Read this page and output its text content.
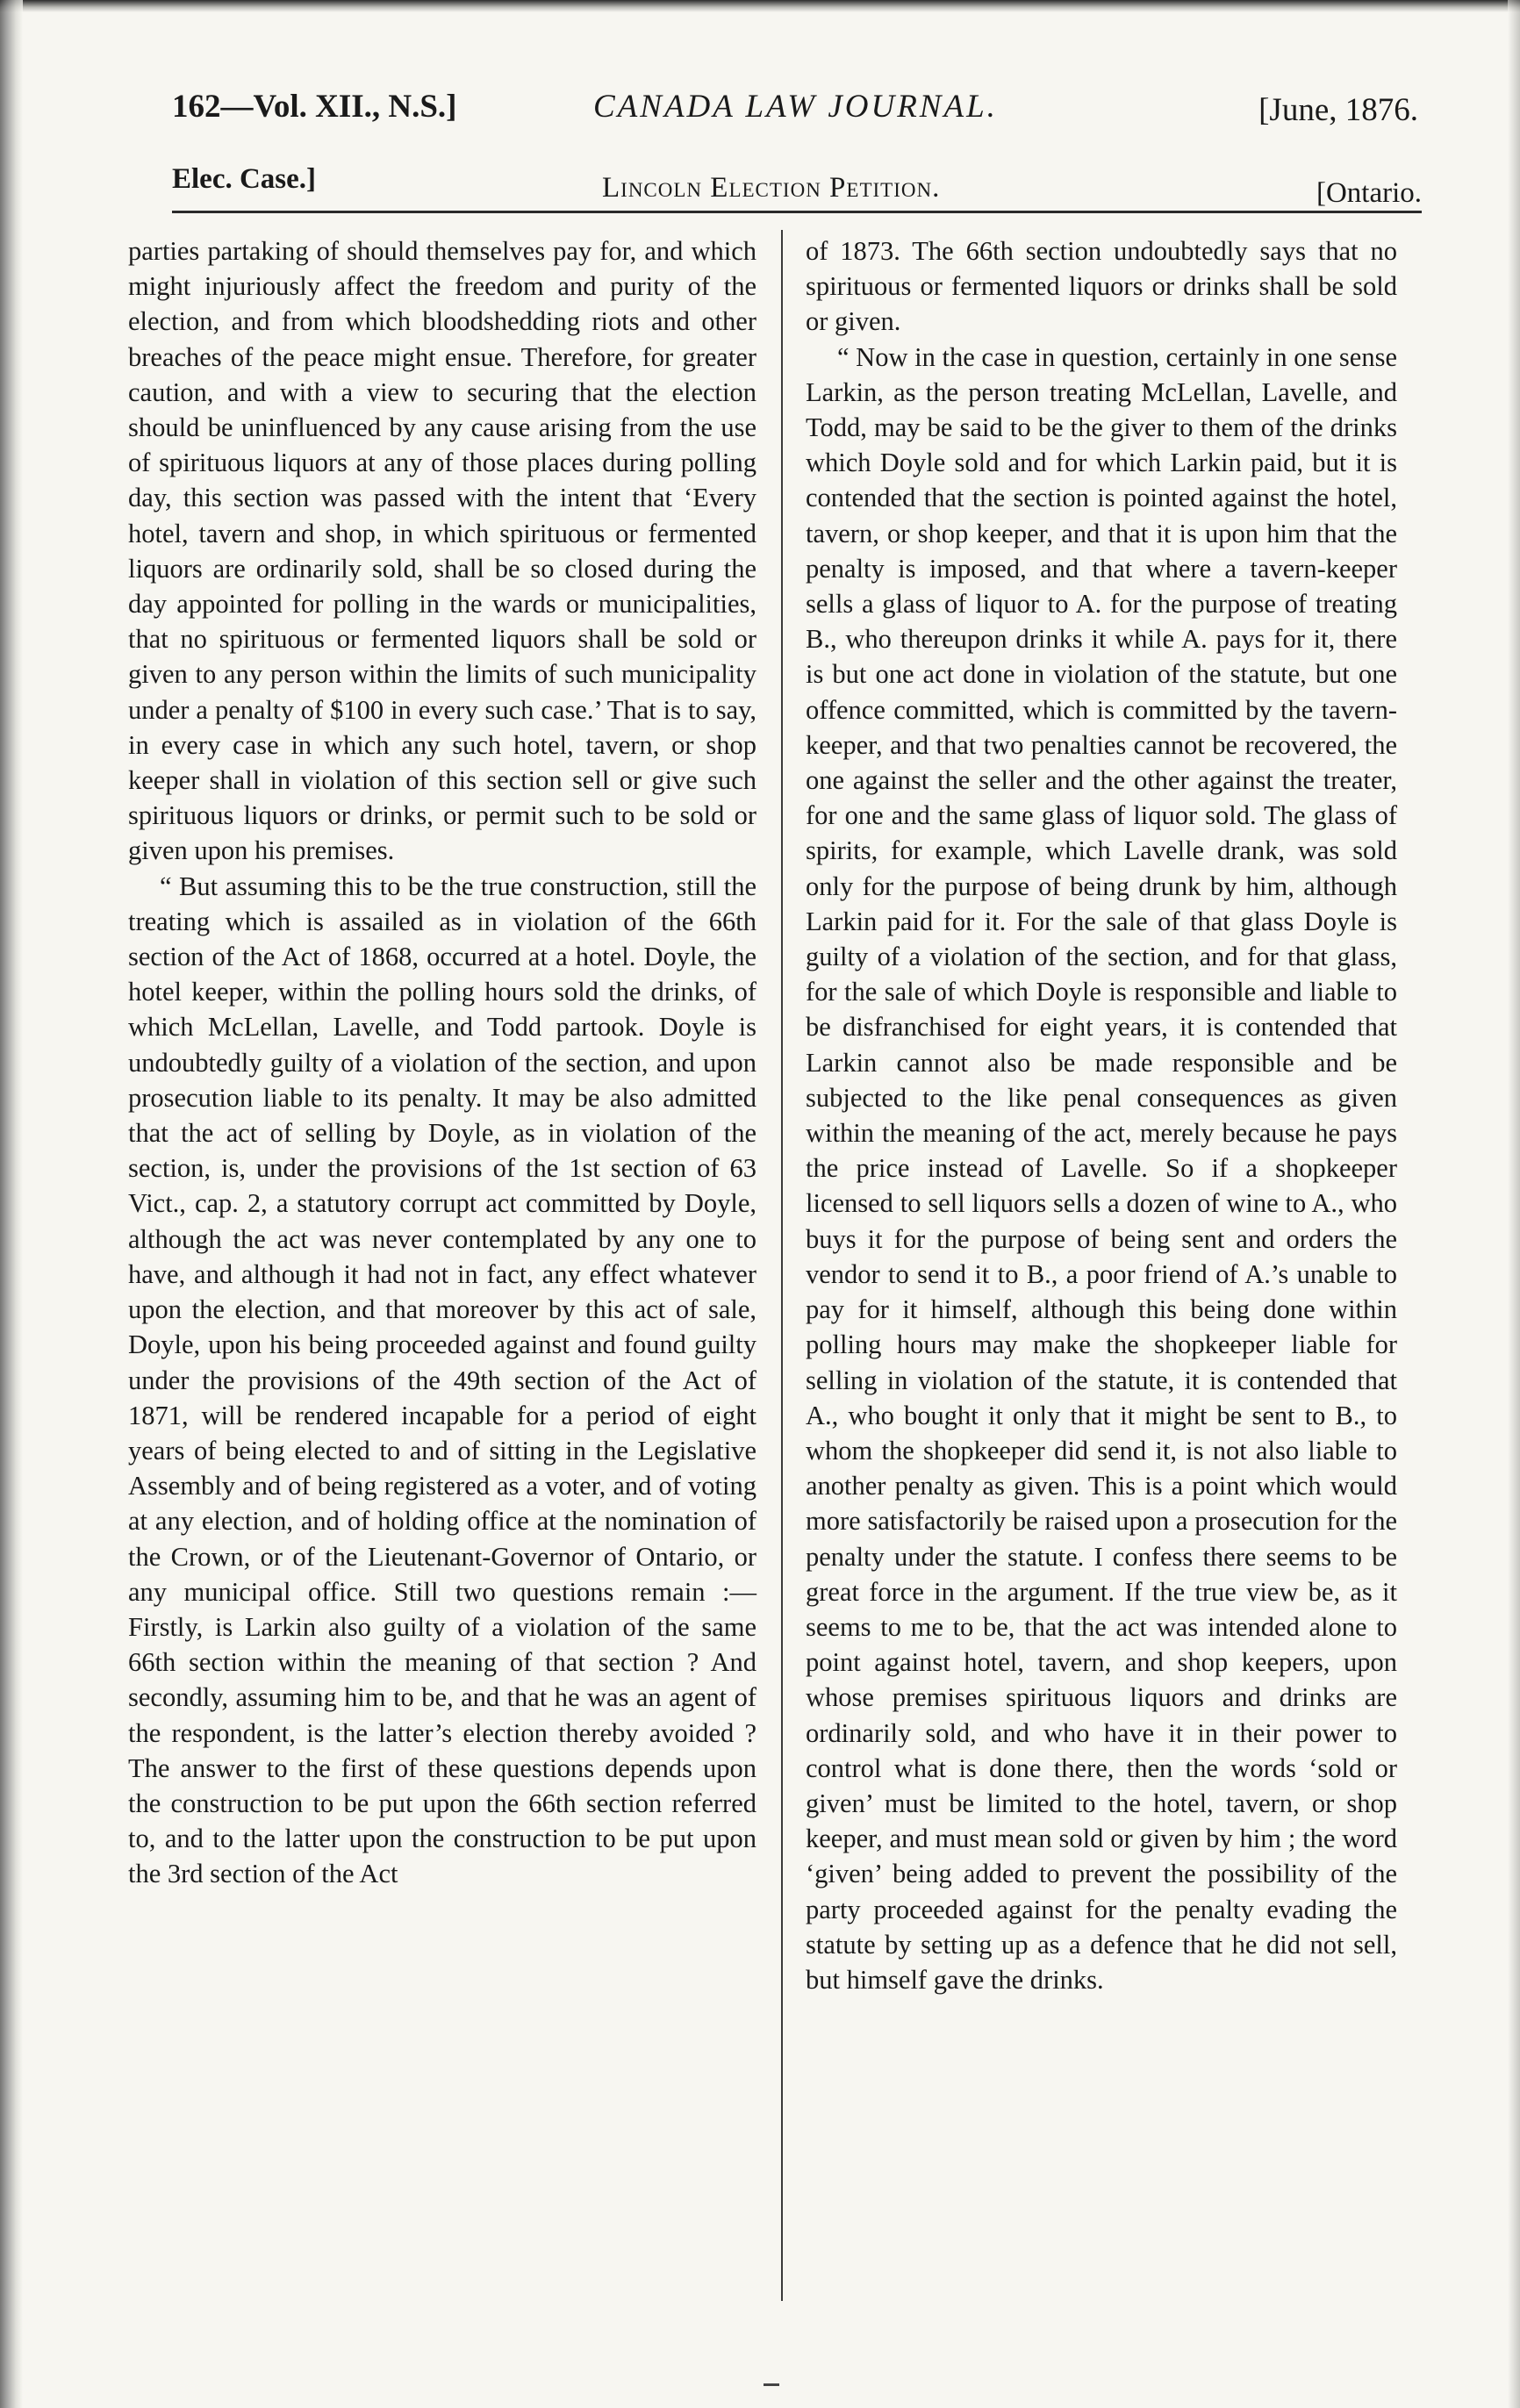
162—Vol. XII., N.S.]	CANADA LAW JOURNAL.	[June, 1876.
Elec. Case.]	Lincoln Election Petition.	[Ontario.

parties partaking of should themselves pay for, and which might injuriously affect the freedom and purity of the election, and from which bloodshedding riots and other breaches of the peace might ensue. Therefore, for greater caution, and with a view to securing that the election should be uninfluenced by any cause arising from the use of spirituous liquors at any of those places during polling day, this section was passed with the intent that ‘Every hotel, tavern and shop, in which spirituous or fermented liquors are ordinarily sold, shall be so closed during the day appointed for polling in the wards or municipalities, that no spirituous or fermented liquors shall be sold or given to any person within the limits of such municipality under a penalty of $100 in every such case.’ That is to say, in every case in which any such hotel, tavern, or shop keeper shall in violation of this section sell or give such spirituous liquors or drinks, or permit such to be sold or given upon his premises.

“ But assuming this to be the true construction, still the treating which is assailed as in violation of the 66th section of the Act of 1868, occurred at a hotel. Doyle, the hotel keeper, within the polling hours sold the drinks, of which McLellan, Lavelle, and Todd partook. Doyle is undoubtedly guilty of a violation of the section, and upon prosecution liable to its penalty. It may be also admitted that the act of selling by Doyle, as in violation of the section, is, under the provisions of the 1st section of 63 Vict., cap. 2, a statutory corrupt act committed by Doyle, although the act was never contemplated by any one to have, and although it had not in fact, any effect whatever upon the election, and that moreover by this act of sale, Doyle, upon his being proceeded against and found guilty under the provisions of the 49th section of the Act of 1871, will be rendered incapable for a period of eight years of being elected to and of sitting in the Legislative Assembly and of being registered as a voter, and of voting at any election, and of holding office at the nomination of the Crown, or of the Lieutenant-Governor of Ontario, or any municipal office. Still two questions remain :—Firstly, is Larkin also guilty of a violation of the same 66th section within the meaning of that section ? And secondly, assuming him to be, and that he was an agent of the respondent, is the latter’s election thereby avoided ? The answer to the first of these questions depends upon the construction to be put upon the 66th section referred to, and to the latter upon the construction to be put upon the 3rd section of the Act

of 1873. The 66th section undoubtedly says that no spirituous or fermented liquors or drinks shall be sold or given.

“ Now in the case in question, certainly in one sense Larkin, as the person treating McLellan, Lavelle, and Todd, may be said to be the giver to them of the drinks which Doyle sold and for which Larkin paid, but it is contended that the section is pointed against the hotel, tavern, or shop keeper, and that it is upon him that the penalty is imposed, and that where a tavern-keeper sells a glass of liquor to A. for the purpose of treating B., who thereupon drinks it while A. pays for it, there is but one act done in violation of the statute, but one offence committed, which is committed by the tavern-keeper, and that two penalties cannot be recovered, the one against the seller and the other against the treater, for one and the same glass of liquor sold. The glass of spirits, for example, which Lavelle drank, was sold only for the purpose of being drunk by him, although Larkin paid for it. For the sale of that glass Doyle is guilty of a violation of the section, and for that glass, for the sale of which Doyle is responsible and liable to be disfranchised for eight years, it is contended that Larkin cannot also be made responsible and be subjected to the like penal consequences as given within the meaning of the act, merely because he pays the price instead of Lavelle. So if a shopkeeper licensed to sell liquors sells a dozen of wine to A., who buys it for the purpose of being sent and orders the vendor to send it to B., a poor friend of A.’s unable to pay for it himself, although this being done within polling hours may make the shopkeeper liable for selling in violation of the statute, it is contended that A., who bought it only that it might be sent to B., to whom the shopkeeper did send it, is not also liable to another penalty as given. This is a point which would more satisfactorily be raised upon a prosecution for the penalty under the statute. I confess there seems to be great force in the argument. If the true view be, as it seems to me to be, that the act was intended alone to point against hotel, tavern, and shop keepers, upon whose premises spirituous liquors and drinks are ordinarily sold, and who have it in their power to control what is done there, then the words ‘sold or given’ must be limited to the hotel, tavern, or shop keeper, and must mean sold or given by him ; the word ‘given’ being added to prevent the possibility of the party proceeded against for the penalty evading the statute by setting up as a defence that he did not sell, but himself gave the drinks.
